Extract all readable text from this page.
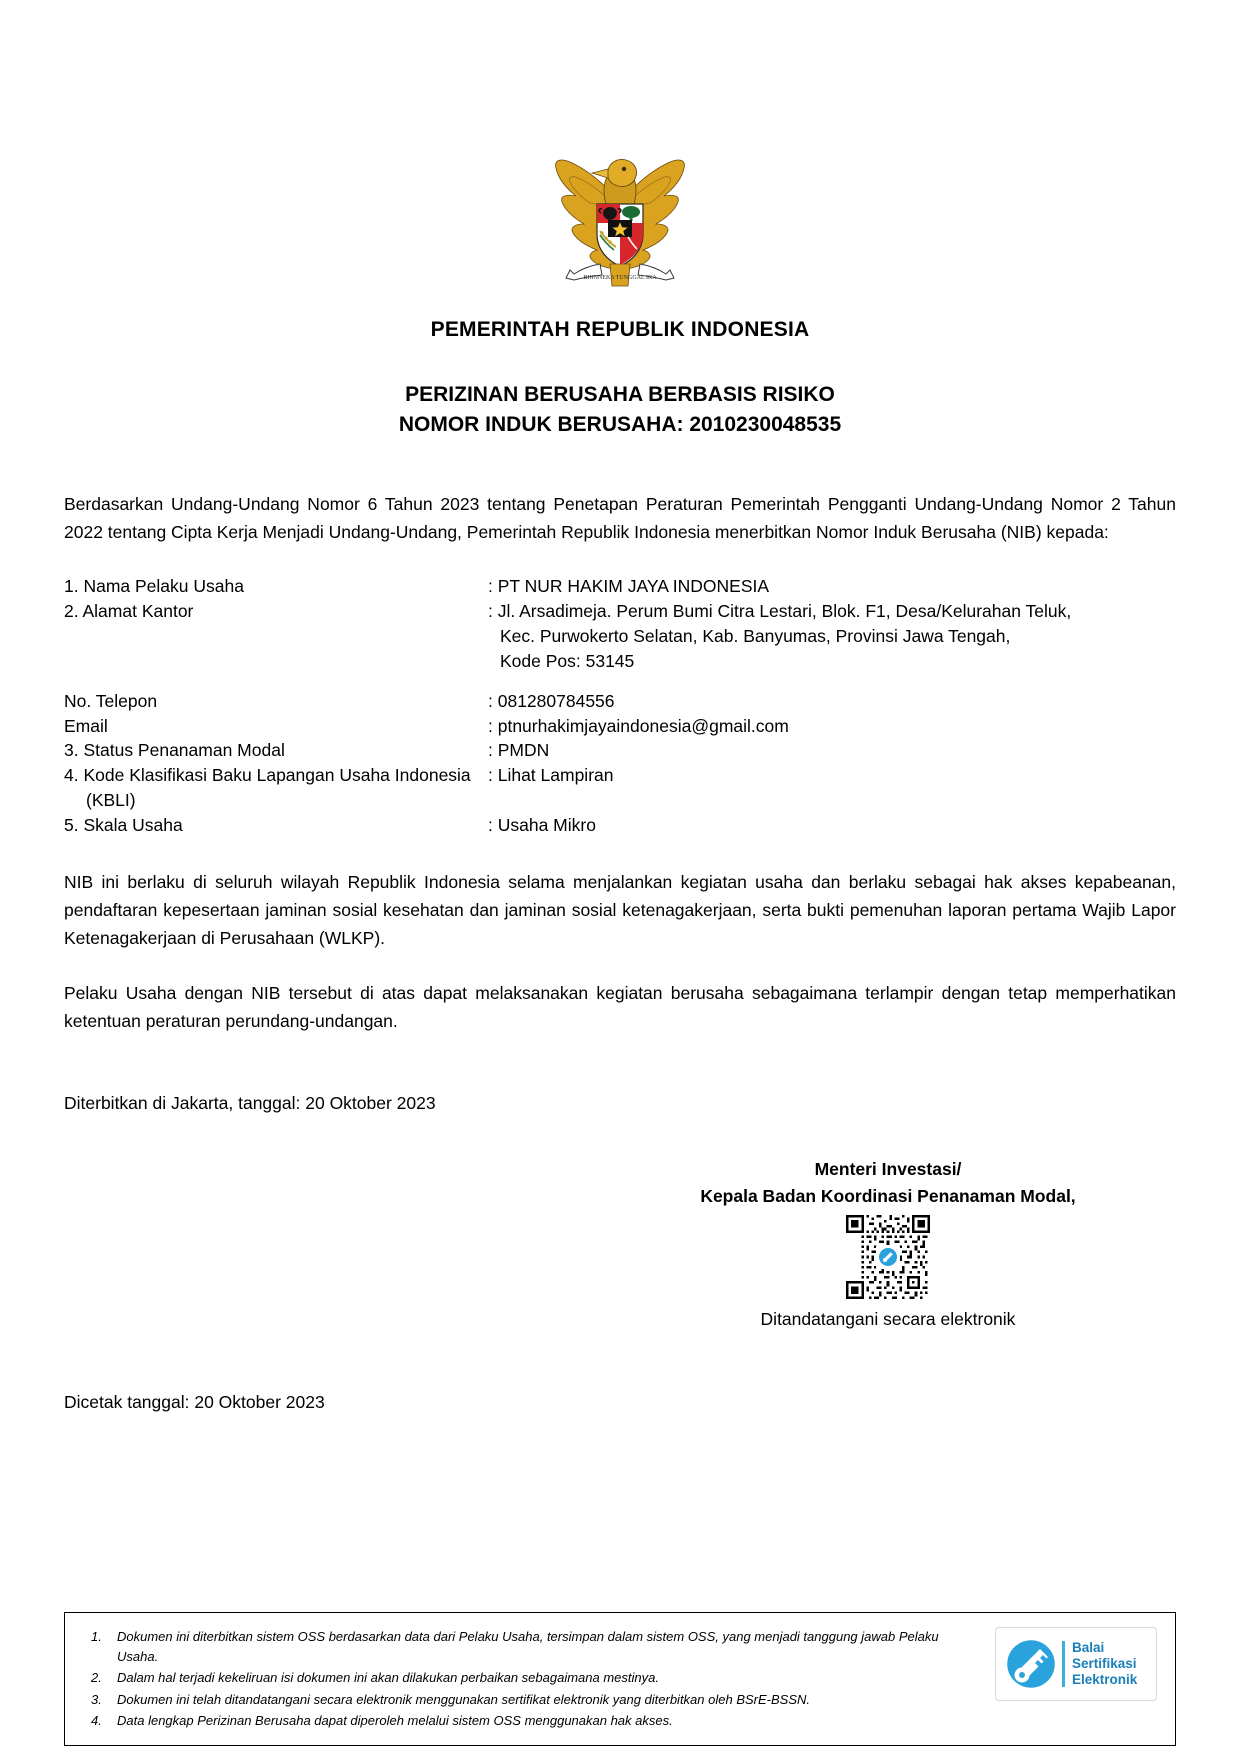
BHINNEKA TUNGGAL IKA
PEMERINTAH REPUBLIK INDONESIA
PERIZINAN BERUSAHA BERBASIS RISIKO
NOMOR INDUK BERUSAHA: 2010230048535
Berdasarkan Undang-Undang Nomor 6 Tahun 2023 tentang Penetapan Peraturan Pemerintah Pengganti Undang-Undang Nomor 2 Tahun 2022 tentang Cipta Kerja Menjadi Undang-Undang, Pemerintah Republik Indonesia menerbitkan Nomor Induk Berusaha (NIB) kepada:
1. Nama Pelaku Usaha	: PT NUR HAKIM JAYA INDONESIA
2. Alamat Kantor	: Jl. Arsadimeja. Perum Bumi Citra Lestari, Blok. F1, Desa/Kelurahan Teluk,
Kec. Purwokerto Selatan, Kab. Banyumas, Provinsi Jawa Tengah,
Kode Pos: 53145

No. Telepon	: 081280784556
Email	: ptnurhakimjayaindonesia@gmail.com
3. Status Penanaman Modal	: PMDN
4. Kode Klasifikasi Baku Lapangan Usaha Indonesia
(KBLI)	: Lihat Lampiran
5. Skala Usaha	: Usaha Mikro
NIB ini berlaku di seluruh wilayah Republik Indonesia selama menjalankan kegiatan usaha dan berlaku sebagai hak akses kepabeanan, pendaftaran kepesertaan jaminan sosial kesehatan dan jaminan sosial ketenagakerjaan, serta bukti pemenuhan laporan pertama Wajib Lapor Ketenagakerjaan di Perusahaan (WLKP).
Pelaku Usaha dengan NIB tersebut di atas dapat melaksanakan kegiatan berusaha sebagaimana terlampir dengan tetap memperhatikan ketentuan peraturan perundang-undangan.
Diterbitkan di Jakarta, tanggal: 20 Oktober 2023
Menteri Investasi/
Kepala Badan Koordinasi Penanaman Modal,
Ditandatangani secara elektronik
Dicetak tanggal: 20 Oktober 2023
Dokumen ini diterbitkan sistem OSS berdasarkan data dari Pelaku Usaha, tersimpan dalam sistem OSS, yang menjadi tanggung jawab Pelaku Usaha.
Dalam hal terjadi kekeliruan isi dokumen ini akan dilakukan perbaikan sebagaimana mestinya.
Dokumen ini telah ditandatangani secara elektronik menggunakan sertifikat elektronik yang diterbitkan oleh BSrE-BSSN.
Data lengkap Perizinan Berusaha dapat diperoleh melalui sistem OSS menggunakan hak akses.
Balai
Sertifikasi
Elektronik
